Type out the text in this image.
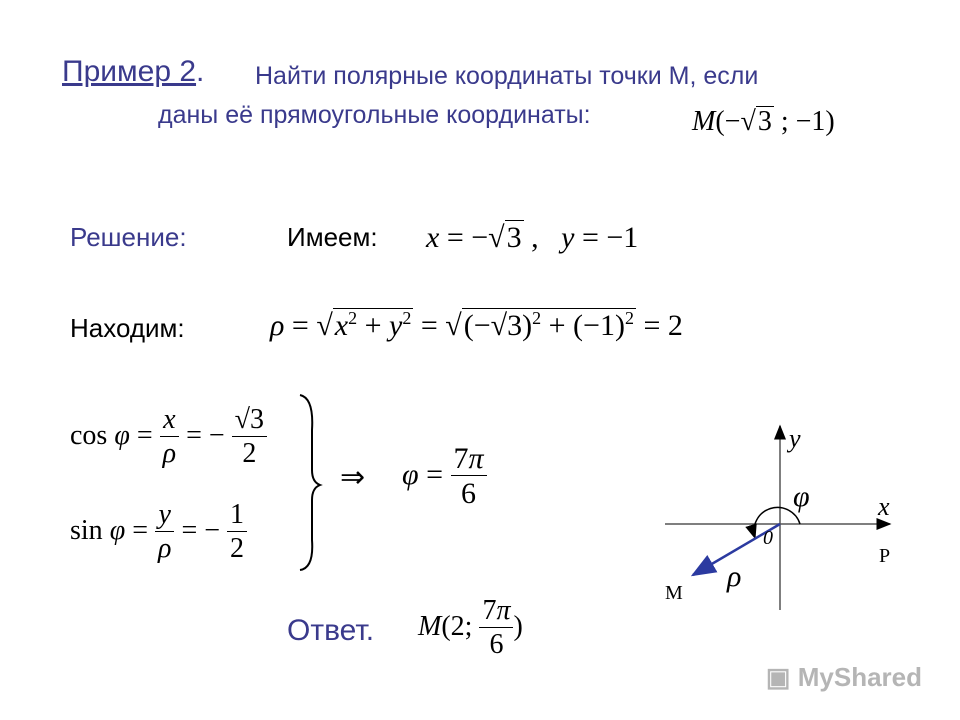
Пример 2. Найти полярные координаты точки M, если
даны её прямоугольные координаты:	M(−√3 ; −1)
Решение:	Имеем: x = −√3 ,   y = −1
Находим:	$\rho = √x^2 + y^2 = √(-√3)^2 + (-1)^2 = 2$
$\cos \varphi = \frac{x}{\rho}$ = − $\frac{√3}{2}$
$\sin \varphi = \frac{y}{\rho}$ = − $\frac{1}{2}$
⇒ $\varphi = \frac{7\pi}{6}$
Ответ. M(2; $\frac{7\pi}{6}$ )
y
x
φ
0
P
M ρ
▣ MyShared
